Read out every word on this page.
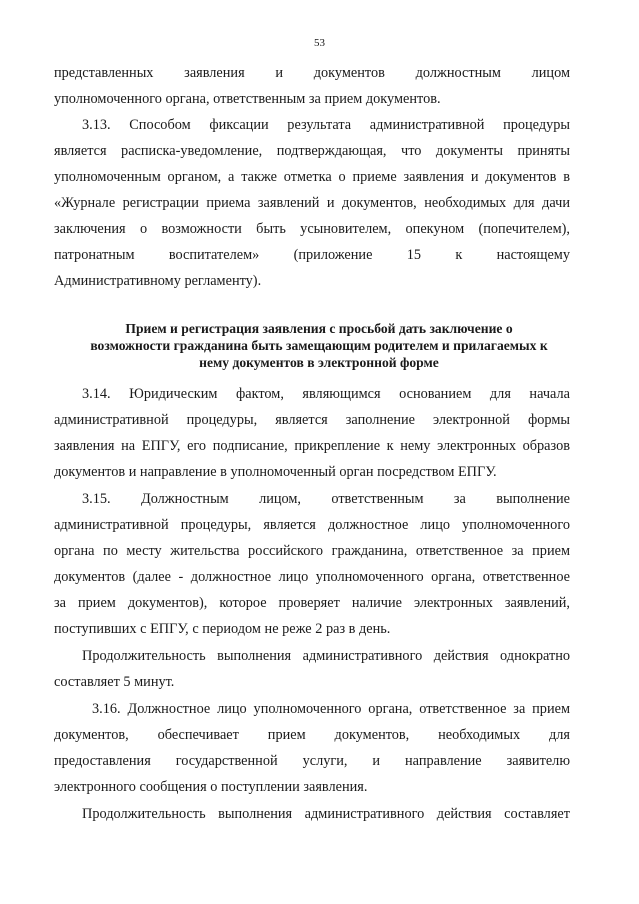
53
представленных заявления и документов должностным лицом
уполномоченного органа, ответственным за прием документов.
3.13. Способом фиксации результата административной процедуры
является расписка-уведомление, подтверждающая, что документы приняты
уполномоченным органом, а также отметка о приеме заявления и документов в
«Журнале регистрации приема заявлений и документов, необходимых для дачи
заключения о возможности быть усыновителем, опекуном (попечителем),
патронатным воспитателем» (приложение 15 к настоящему
Административному регламенту).
Прием и регистрация заявления с просьбой дать заключение о
возможности гражданина быть замещающим родителем и прилагаемых к
нему документов в электронной форме
3.14. Юридическим фактом, являющимся основанием для начала
административной процедуры, является заполнение электронной формы
заявления на ЕПГУ, его подписание, прикрепление к нему электронных образов
документов и направление в уполномоченный орган посредством ЕПГУ.
3.15. Должностным лицом, ответственным за выполнение
административной процедуры, является должностное лицо уполномоченного
органа по месту жительства российского гражданина, ответственное за прием
документов (далее - должностное лицо уполномоченного органа, ответственное
за прием документов), которое проверяет наличие электронных заявлений,
поступивших с ЕПГУ, с периодом не реже 2 раз в день.
Продолжительность выполнения административного действия однократно
составляет 5 минут.
3.16. Должностное лицо уполномоченного органа, ответственное за прием
документов, обеспечивает прием документов, необходимых для
предоставления государственной услуги, и направление заявителю
электронного сообщения о поступлении заявления.
Продолжительность выполнения административного действия составляет
